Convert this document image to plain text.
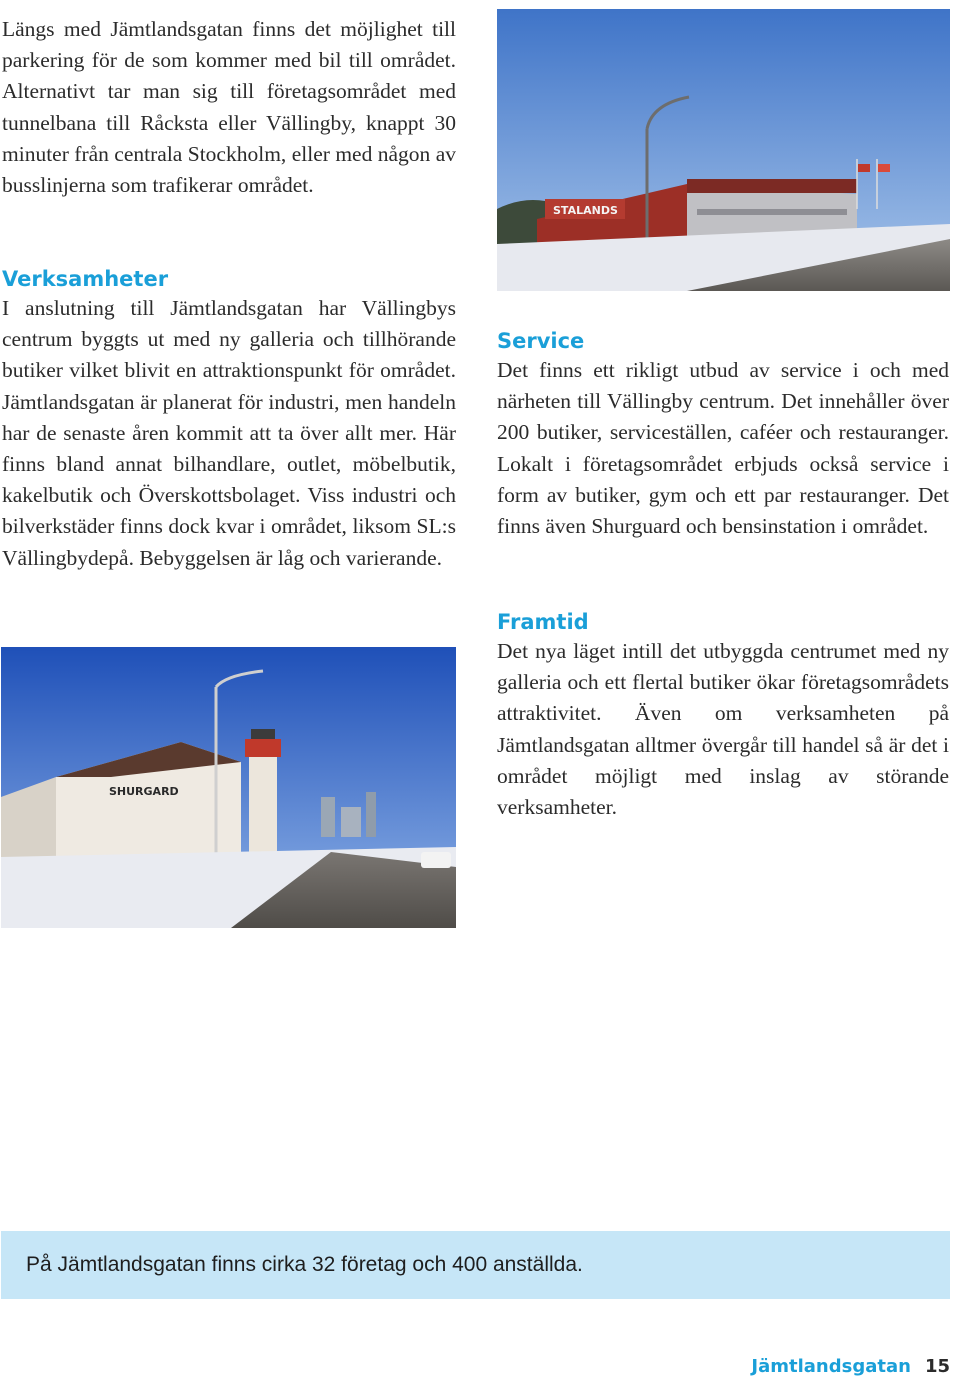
Längs med Jämtlandsgatan finns det möjlighet till parkering för de som kommer med bil till området. Alternativt tar man sig till företagsområdet med tunnelbana till Råcksta eller Vällingby, knappt 30 minuter från centrala Stockholm, eller med någon av busslinjerna som trafikerar området.

Verksamheter

I anslutning till Jämtlandsgatan har Vällingbys centrum byggts ut med ny galleria och tillhörande butiker vilket blivit en attraktionspunkt för området. Jämtlandsgatan är planerat för industri, men handeln har de senaste åren kommit att ta över allt mer. Här finns bland annat bilhandlare, outlet, möbelbutik, kakelbutik och Överskottsbolaget. Viss industri och bilverkstäder finns dock kvar i området, liksom SL:s Vällingbydepå. Bebyggelsen är låg och varierande.

STALANDS
Service

Det finns ett rikligt utbud av service i och med närheten till Vällingby centrum. Det innehåller över 200 butiker, serviceställen, caféer och restauranger. Lokalt i företagsområdet erbjuds också service i form av butiker, gym och ett par restauranger. Det finns även Shurguard och bensinstation i området.

Framtid

Det nya läget intill det utbyggda centrumet med ny galleria och ett flertal butiker ökar företagsområdets attraktivitet. Även om verksamheten på Jämtlandsgatan alltmer övergår till handel så är det i området möjligt med inslag av störande verksamheter.

SHURGARD
På Jämtlandsgatan finns cirka 32 företag och 400 anställda.
Jämtlandsgatan 15
